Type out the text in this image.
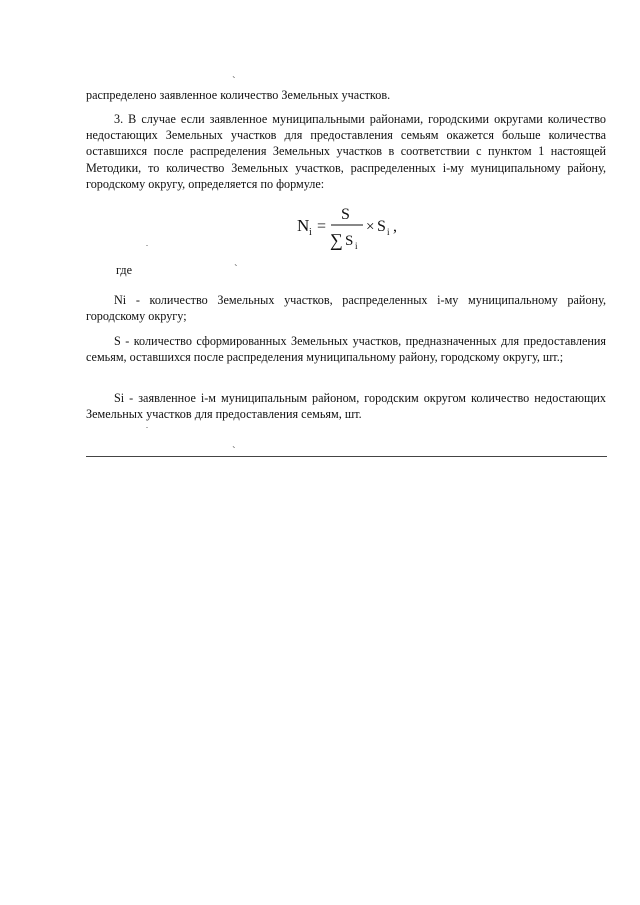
распределено заявленное количество Земельных участков.

3. В случае если заявленное муниципальными районами, городскими округами количество недостающих Земельных участков для предоставления семьям окажется больше количества оставшихся после распределения Земельных участков в соответствии с пунктом 1 настоящей Методики, то количество Земельных участков, распределенных i-му муниципальному району, городскому округу, определяется по формуле:

N i =
S
∑ S i
× S i ,

где

Ni - количество Земельных участков, распределенных i-му муниципальному району, городскому округу;

S - количество сформированных Земельных участков, предназначенных для предоставления семьям, оставшихся после распределения муниципальному району, городскому округу, шт.;

Si - заявленное i-м муниципальным районом, городским округом количество недостающих Земельных участков для предоставления семьям, шт.

`
`
`
.
.
